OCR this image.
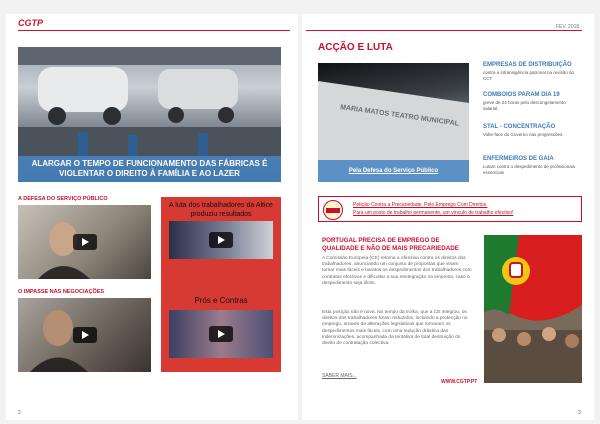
CGTP	FEV. 2018
ALARGAR O TEMPO DE FUNCIONAMENTO DAS FÁBRICAS É VIOLENTAR O DIREITO À FAMÍLIA E AO LAZER
A DEFESA DO SERVIÇO PÚBLICO
O IMPASSE NAS NEGOCIAÇÕES
A luta dos trabalhadores da Altice produziu resultados
Prós e Contras
2
ACÇÃO E LUTA
MARIA MATOS TEATRO MUNICIPAL
Pela Defesa do Serviço Público
EMPRESAS DE DISTRIBUIÇÃO
contra a intransigência patronal na revisão do CCT
COMBOIOS PARAM DIA 19
greve de 24 horas pelo descongelamento salarial.
STAL - CONCENTRAÇÃO
Volte-face do Governo nas progressões.
ENFERMEIROS DE GAIA
Lutam contra o despedimento de profissionais essenciais
Petição Contra a Precariedade, Pelo Emprego Com Direitos.
Para um posto de trabalho permanente, um vínculo de trabalho efectivo!
PORTUGAL PRECISA DE EMPREGO DE QUALIDADE E NÃO DE MAIS PRECARIEDADE
A Comissão Europeia (CE) retoma a ofensiva contra os direitos dos trabalhadores, anunciando um conjunto de propostas que visam tornar mais fáceis e baratos os despedimentos dos trabalhadores com contratos efectivos e dificultar a sua reintegração na empresa, caso o despedimento seja ilícito.
Esta posição não é nova. No tempo da troika, que a CE integrou, os direitos dos trabalhadores foram reduzidos, incluindo a protecção no emprego, através de alterações legislativas que tornaram os despedimentos mais fáceis, com uma redução drástica das indemnizações, acompanhada da tentativa de total destruição do direito de contratação colectiva.
SABER MAIS...
WWW.CGTP.PT
3
